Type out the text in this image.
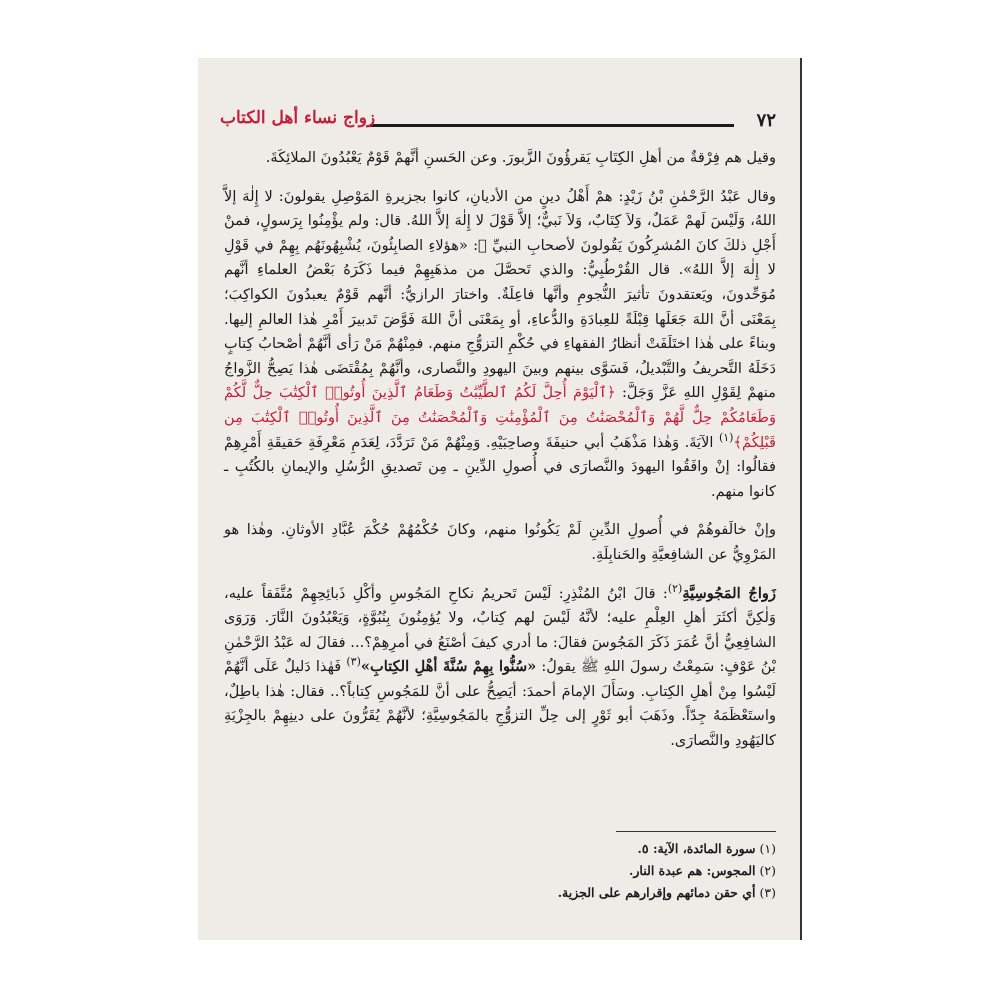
٧٢
زواج نساء أهل الكتاب

وقيل هم فِرْقةٌ من أهلِ الكِتَابِ يَقرؤُونَ الزَّبورَ. وعن الحَسنِ أنَّهمْ قَوْمٌ يَعْبُدُونَ الملائِكَةَ.

وقال عَبْدُ الرَّحْمٰنِ بْنُ زَيْدٍ: همْ أَهْلُ دينٍ من الأديانِ، كانوا بجزيرةِ المَوْصِلِ يقولونَ: لا إِلٰهَ إلاَّ اللهُ، وَلَيْسَ لَهمْ عَمَلٌ، وَلاَ كِتَابٌ، وَلاَ نَبيٌّ؛ إلاَّ قَوْلَ لا إِلٰهَ إلاَّ اللهُ. قال: ولم يؤْمِنُوا بِرَسولٍ، فمنْ أَجْلِ ذلكَ كانَ المُشرِكُونَ يَقُولونَ لأصحابِ النبيِّ ﷺ: «هؤلاءِ الصابِئُونَ، يُشْبِهُونَهُم بِهِمْ في قَوْلِ لا إِلٰهَ إلاَّ اللهُ». قال القُرْطُبِيُّ: والذي تَحصَّلَ من مذهَبِهِمْ فيما ذَكَرَهُ بَعْضُ العلماءِ أنَّهم مُوَحِّدونَ، ويَعتقدونَ تأثيرَ النُّجومِ وأنَّها فاعِلَةٌ. واختارَ الرازيُّ: أنَّهم قَوْمٌ يعبدُونَ الكواكِبَ؛ بِمَعْنَى أنَّ اللهَ جَعَلَها قِبْلَةً للعِبادَةِ والدُّعاءِ، أو بِمَعْنَى أنَّ اللهَ فَوَّضَ تَدبيرَ أَمْرِ هٰذا العالمِ إليها. وبناءً على هٰذا اختَلَفَتْ أنظارُ الفقهاءِ في حُكْمِ التزوُّجِ منهم. فمِنْهُمْ مَنْ رَأى أنَّهُمْ أصْحابُ كِتابٍ دَخَلَهُ التَّحريفُ والتَّبْديلُ، فَسَوَّى بينهم وبينَ اليهودِ والنَّصارى، وأنَّهُمْ بِمُقْتَضَى هٰذا يَصِحُّ الزَّواجُ منهمْ لِقَوْلِ اللهِ عَزَّ وَجَلَّ: ﴿ٱلْيَوْمَ أُحِلَّ لَكُمُ ٱلطَّيِّبَٰتُ وَطَعَامُ ٱلَّذِينَ أُوتُوا۟ ٱلْكِتَٰبَ حِلٌّ لَّكُمْ وَطَعَامُكُمْ حِلٌّ لَّهُمْ وَٱلْمُحْصَنَٰتُ مِنَ ٱلْمُؤْمِنَٰتِ وَٱلْمُحْصَنَٰتُ مِنَ ٱلَّذِينَ أُوتُوا۟ ٱلْكِتَٰبَ مِن قَبْلِكُمْ﴾$^{(١)}$ الآيَةَ. وَهٰذا مَذْهَبُ أبي حنيفَةَ وصاحِبَيْهِ. وَمِنْهُمْ مَنْ تَرَدَّدَ، لِعَدَمِ مَعْرِفَةِ حَقيقَةِ أَمْرِهِمْ فقالُوا: إنْ وافَقُوا اليهودَ والنَّصارَى في أُصولِ الدِّينِ ـ مِن تَصديقِ الرُّسُلِ والإيمانِ بالكُتُبِ ـ كانوا منهم.

وإنْ خالَفوهُمْ في أُصولِ الدِّينِ لَمْ يَكُونُوا منهم، وكانَ حُكْمُهُمْ حُكْمَ عُبَّادِ الأوثانِ. وهٰذا هو المَرْوِيُّ عن الشافِعيَّةِ والحَنابِلَةِ.

زَواجُ المَجُوسِيَّةِ$^{(٢)}$: قالَ ابْنُ المُنْذِرِ: لَيْسَ تَحريمُ نكاحِ المَجُوسِ وأكْلِ ذَبائِحِهِمْ مُتَّفَقاً عليه، وَلٰكِنَّ أكثَرَ أهلِ العِلْمِ عليه؛ لأنَّهُ لَيْسَ لهم كِتابٌ، ولا يُؤمِنُونَ بِنُبُوَّةٍ، وَيَعْبُدُونَ النَّارَ. وَرَوَى الشافِعِيُّ أنَّ عُمَرَ ذَكَرَ المَجُوسَ فقالَ: ما أدري كيفَ أصْنَعُ في أمرِهِمْ؟... فقالَ له عَبْدُ الرَّحْمٰنِ بْنُ عَوْفٍ: سَمِعْتُ رسولَ اللهِ ﷺ يقولُ: «سُنُّوا بِهِمْ سُنَّةَ أهْلِ الكِتابِ»$^{(٣)}$ فَهٰذا دَليلٌ عَلَى أنَّهُمْ لَيْسُوا مِنْ أهلِ الكِتابِ. وسَأَلَ الإمامَ أحمدَ: أيَصِحُّ على أنَّ للمَجُوسِ كِتاباً؟.. فقال: هٰذا باطِلٌ، واستَعْظَمَهُ جِدّاً. وذَهَبَ أبو ثَوْرٍ إلى حِلِّ التزوُّجِ بالمَجُوسِيَّةِ؛ لأنَّهُمْ يُقَرُّونَ على دينِهِمْ بالجِزْيَةِ كاليَهُودِ والنَّصارَى.

(١) سورة المائدة، الآية: ٥.
(٢) المجوس: هم عبدة النار.
(٣) أي حقن دمائهم وإقرارهم على الجزية.
